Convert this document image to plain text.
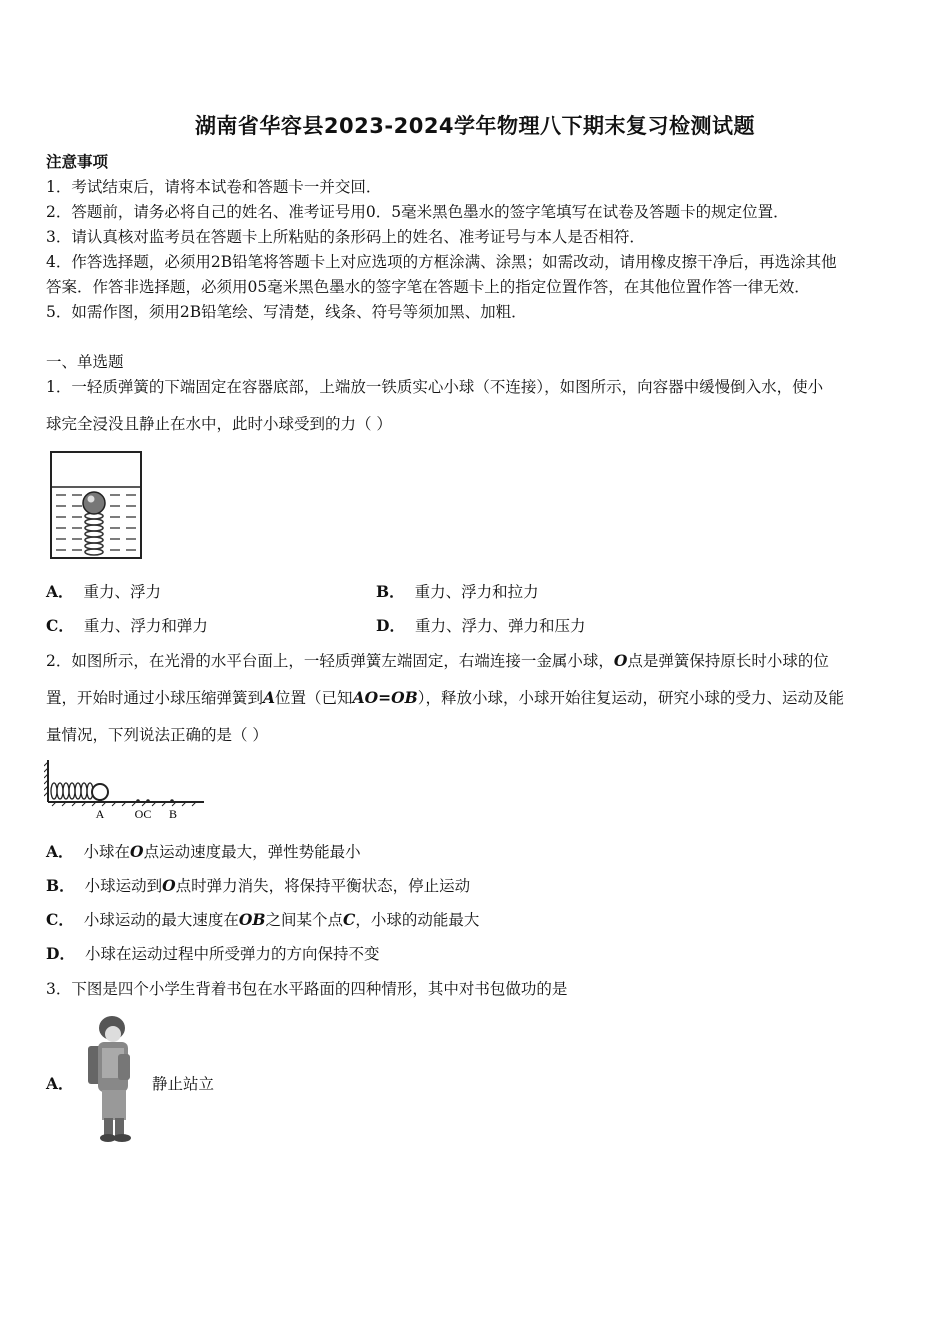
湖南省华容县2023-2024学年物理八下期末复习检测试题
注意事项
1．考试结束后，请将本试卷和答题卡一并交回．
2．答题前，请务必将自己的姓名、准考证号用0．5毫米黑色墨水的签字笔填写在试卷及答题卡的规定位置．
3．请认真核对监考员在答题卡上所粘贴的条形码上的姓名、准考证号与本人是否相符．
4．作答选择题，必须用2B铅笔将答题卡上对应选项的方框涂满、涂黑；如需改动，请用橡皮擦干净后，再选涂其他
答案．作答非选择题，必须用05毫米黑色墨水的签字笔在答题卡上的指定位置作答，在其他位置作答一律无效．
5．如需作图，须用2B铅笔绘、写清楚，线条、符号等须加黑、加粗．
一、单选题
1．一轻质弹簧的下端固定在容器底部，上端放一铁质实心小球（不连接），如图所示，向容器中缓慢倒入水，使小
球完全浸没且静止在水中，此时小球受到的力（ ）
A． 重力、浮力	B． 重力、浮力和拉力
C． 重力、浮力和弹力	D． 重力、浮力、弹力和压力
2．如图所示，在光滑的水平台面上，一轻质弹簧左端固定，右端连接一金属小球，O点是弹簧保持原长时小球的位
置，开始时通过小球压缩弹簧到A位置（已知AO=OB），释放小球，小球开始往复运动，研究小球的受力、运动及能
量情况，下列说法正确的是（ ）
A	OC B
A． 小球在O点运动速度最大，弹性势能最小
B． 小球运动到O点时弹力消失，将保持平衡状态，停止运动
C． 小球运动的最大速度在OB之间某个点C，小球的动能最大
D． 小球在运动过程中所受弹力的方向保持不变
3．下图是四个小学生背着书包在水平路面的四种情形，其中对书包做功的是
A．	静止站立
